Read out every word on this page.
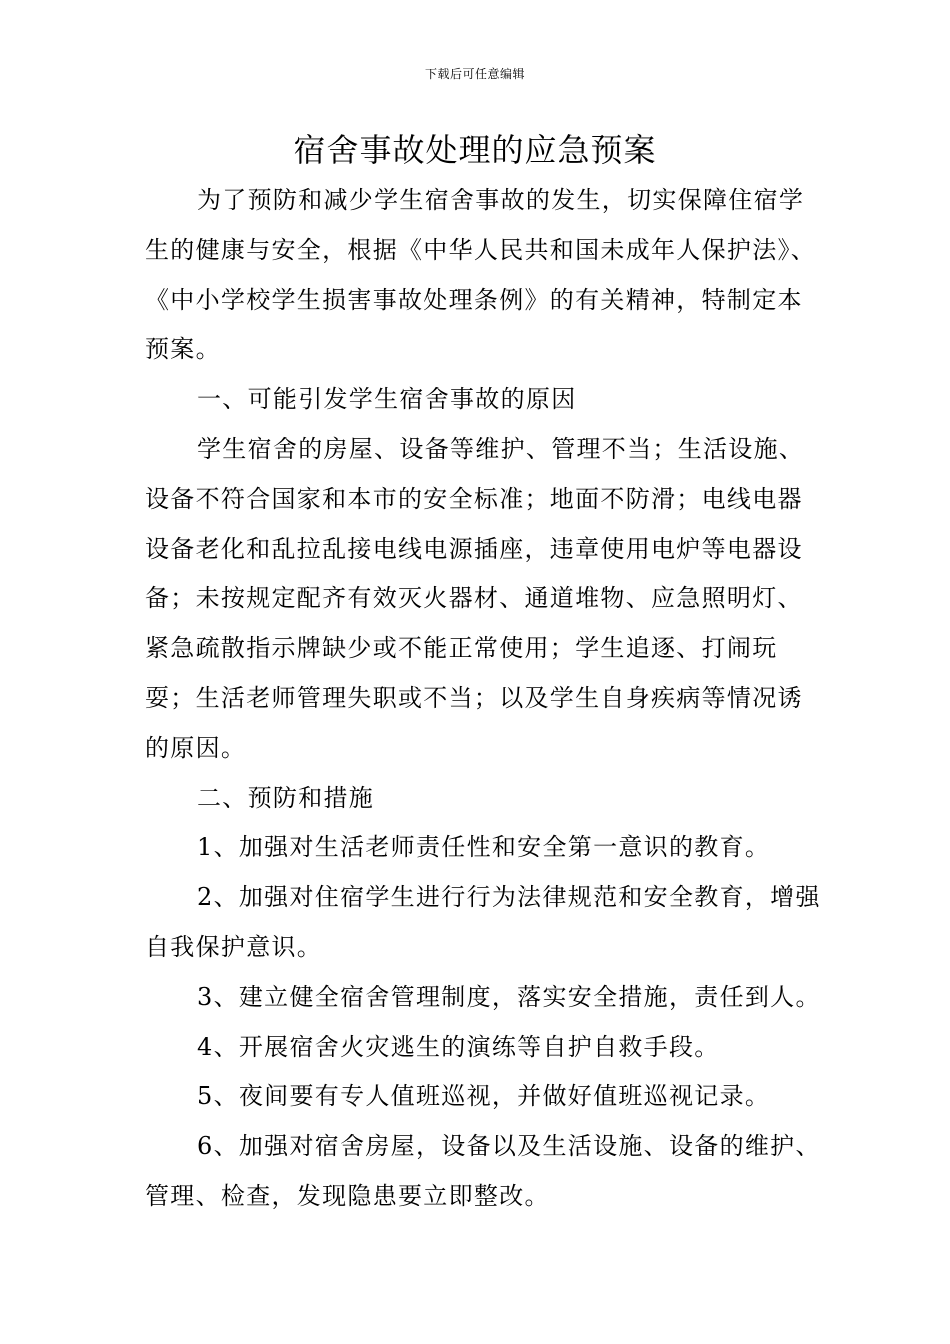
下载后可任意编辑
宿舍事故处理的应急预案

为了预防和减少学生宿舍事故的发生，切实保障住宿学生的健康与安全，根据《中华人民共和国未成年人保护法》、《中小学校学生损害事故处理条例》的有关精神，特制定本预案。

一、可能引发学生宿舍事故的原因

学生宿舍的房屋、设备等维护、管理不当；生活设施、设备不符合国家和本市的安全标准；地面不防滑；电线电器设备老化和乱拉乱接电线电源插座，违章使用电炉等电器设备；未按规定配齐有效灭火器材、通道堆物、应急照明灯、紧急疏散指示牌缺少或不能正常使用；学生追逐、打闹玩耍；生活老师管理失职或不当；以及学生自身疾病等情况诱的原因。

二、预防和措施

1、加强对生活老师责任性和安全第一意识的教育。

2、加强对住宿学生进行行为法律规范和安全教育，增强自我保护意识。

3、建立健全宿舍管理制度，落实安全措施，责任到人。

4、开展宿舍火灾逃生的演练等自护自救手段。

5、夜间要有专人值班巡视，并做好值班巡视记录。

6、加强对宿舍房屋，设备以及生活设施、设备的维护、管理、检查，发现隐患要立即整改。
